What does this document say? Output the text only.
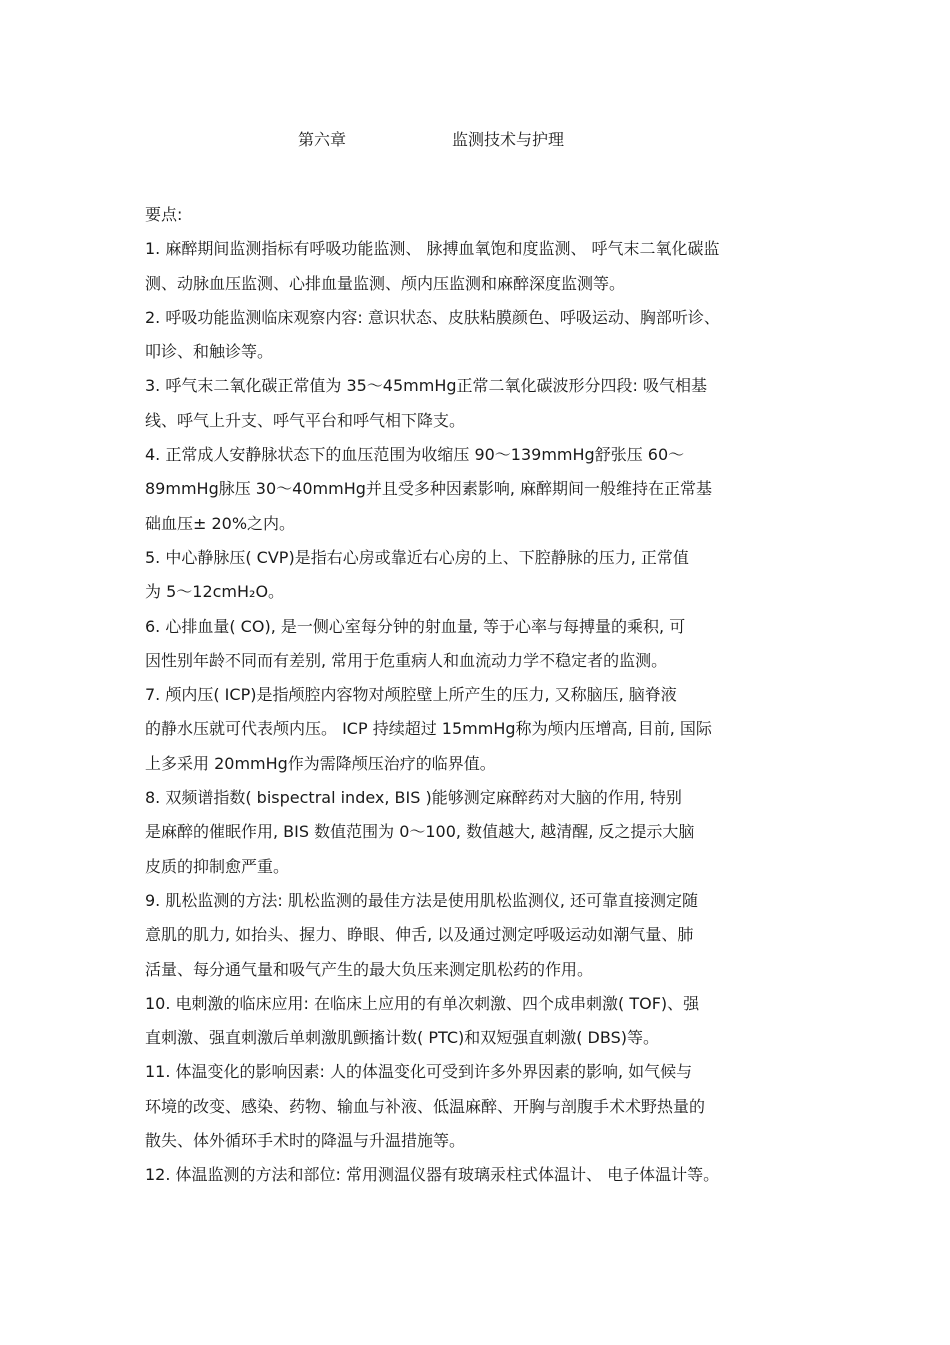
第六章	监测技术与护理
要点:
1. 麻醉期间监测指标有呼吸功能监测、 脉搏血氧饱和度监测、 呼气末二氧化碳监
测、动脉血压监测、心排血量监测、颅内压监测和麻醉深度监测等。
2. 呼吸功能监测临床观察内容: 意识状态、皮肤粘膜颜色、呼吸运动、胸部听诊、
叩诊、和触诊等。
3. 呼气末二氧化碳正常值为 35～45mmHg正常二氧化碳波形分四段: 吸气相基
线、呼气上升支、呼气平台和呼气相下降支。
4. 正常成人安静脉状态下的血压范围为收缩压 90～139mmHg舒张压 60～
89mmHg脉压 30～40mmHg并且受多种因素影响, 麻醉期间一般维持在正常基
础血压± 20%之内。
5. 中心静脉压( CVP)是指右心房或靠近右心房的上、下腔静脉的压力, 正常值
为 5～12cmH₂O。
6. 心排血量( CO), 是一侧心室每分钟的射血量, 等于心率与每搏量的乘积, 可
因性别年龄不同而有差别, 常用于危重病人和血流动力学不稳定者的监测。
7. 颅内压( ICP)是指颅腔内容物对颅腔壁上所产生的压力, 又称脑压, 脑脊液
的静水压就可代表颅内压。 ICP 持续超过 15mmHg称为颅内压增高, 目前, 国际
上多采用 20mmHg作为需降颅压治疗的临界值。
8. 双频谱指数( bispectral index, BIS )能够测定麻醉药对大脑的作用, 特别
是麻醉的催眠作用, BIS 数值范围为 0～100, 数值越大, 越清醒, 反之提示大脑
皮质的抑制愈严重。
9. 肌松监测的方法: 肌松监测的最佳方法是使用肌松监测仪, 还可靠直接测定随
意肌的肌力, 如抬头、握力、睁眼、伸舌, 以及通过测定呼吸运动如潮气量、肺
活量、每分通气量和吸气产生的最大负压来测定肌松药的作用。
10. 电刺激的临床应用: 在临床上应用的有单次刺激、四个成串刺激( TOF)、强
直刺激、强直刺激后单刺激肌颤搐计数( PTC)和双短强直刺激( DBS)等。
11. 体温变化的影响因素: 人的体温变化可受到许多外界因素的影响, 如气候与
环境的改变、感染、药物、输血与补液、低温麻醉、开胸与剖腹手术术野热量的
散失、体外循环手术时的降温与升温措施等。
12. 体温监测的方法和部位: 常用测温仪器有玻璃汞柱式体温计、 电子体温计等。
